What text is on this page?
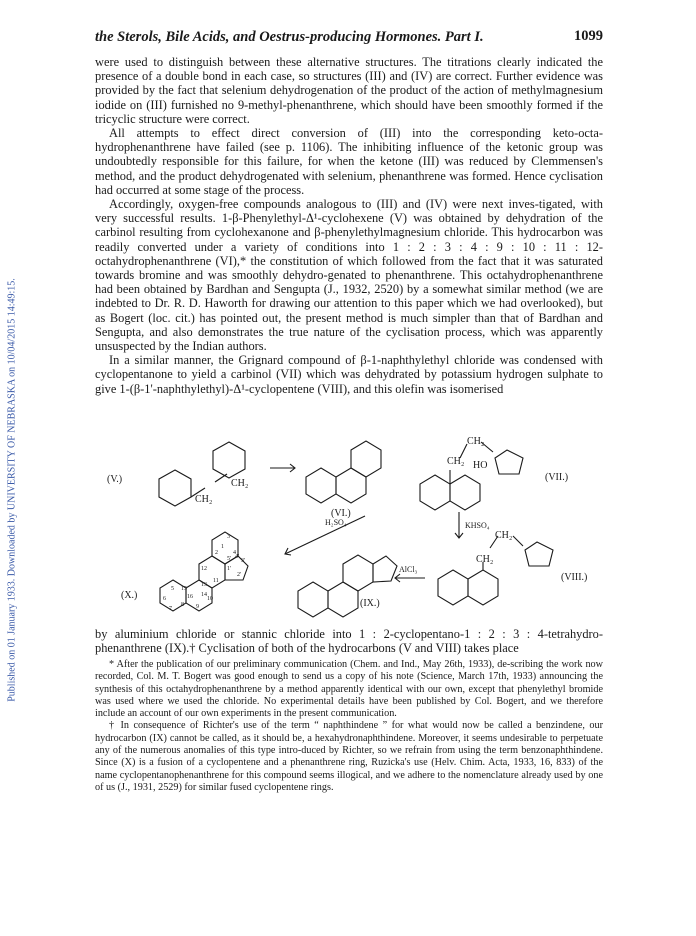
Published on 01 January 1933. Downloaded by UNIVERSITY OF NEBRASKA on 10/04/2015 14:49:15.
the Sterols, Bile Acids, and Oestrus-producing Hormones. Part I.	1099

were used to distinguish between these alternative structures. The titrations clearly indicated the presence of a double bond in each case, so structures (III) and (IV) are correct. Further evidence was provided by the fact that selenium dehydrogenation of the product of the action of methylmagnesium iodide on (III) furnished no 9-methyl-phenanthrene, which should have been smoothly formed if the tricyclic structure were correct.

All attempts to effect direct conversion of (III) into the corresponding keto-octa-hydrophenanthrene have failed (see p. 1106). The inhibiting influence of the ketonic group was undoubtedly responsible for this failure, for when the ketone (III) was reduced by Clemmensen's method, and the product dehydrogenated with selenium, phenanthrene was formed. Hence cyclisation had occurred at some stage of the process.

Accordingly, oxygen-free compounds analogous to (III) and (IV) were next inves-tigated, with very successful results. 1-β-Phenylethyl-Δ¹-cyclohexene (V) was obtained by dehydration of the carbinol resulting from cyclohexanone and β-phenylethylmagnesium chloride. This hydrocarbon was readily converted under a variety of conditions into 1 : 2 : 3 : 4 : 9 : 10 : 11 : 12-octahydrophenanthrene (VI),* the constitution of which followed from the fact that it was saturated towards bromine and was smoothly dehydro-genated to phenanthrene. This octahydrophenanthrene had been obtained by Bardhan and Sengupta (J., 1932, 2520) by a somewhat similar method (we are indebted to Dr. R. D. Haworth for drawing our attention to this paper which we had overlooked), but as Bogert (loc. cit.) has pointed out, the present method is much simpler than that of Bardhan and Sengupta, and also demonstrates the true nature of the cyclisation process, which was apparently unsuspected by the Indian authors.

In a similar manner, the Grignard compound of β-1-naphthylethyl chloride was condensed with cyclopentanone to yield a carbinol (VII) which was dehydrated by potassium hydrogen sulphate to give 1-(β-1'-naphthylethyl)-Δ¹-cyclopentene (VIII), and this olefin was isomerised

(V.)
(VI.)
(VII.)
(VIII.)
(IX.)
(X.)
CH₂
CH₂
CH₂
CH₂ HO
CH₂
CH₂
H₂SO₄	KHSO₄
AlCl₃
1
2
3
4
5
6
7
8 9
10
11
12
13
14
15
16
1'
2'
3'
4'
5'

by aluminium chloride or stannic chloride into 1 : 2-cyclopentano-1 : 2 : 3 : 4-tetrahydro-phenanthrene (IX).† Cyclisation of both of the hydrocarbons (V and VIII) takes place

* After the publication of our preliminary communication (Chem. and Ind., May 26th, 1933), de-scribing the work now recorded, Col. M. T. Bogert was good enough to send us a copy of his note (Science, March 17th, 1933) announcing the synthesis of this octahydrophenanthrene by a method apparently identical with our own, except that phenylethyl bromide was used where we used the chloride. No experimental details have been published by Col. Bogert, and we therefore include an account of our own experiments in the present communication.

† In consequence of Richter's use of the term “ naphthindene ” for what would now be called a benzindene, our hydrocarbon (IX) cannot be called, as it should be, a hexahydronaphthindene. Moreover, it seems undesirable to perpetuate any of the numerous anomalies of this type intro-duced by Richter, so we refrain from using the term benzonaphthindene. Since (X) is a fusion of a cyclopentene and a phenanthrene ring, Ruzicka's use (Helv. Chim. Acta, 1933, 16, 833) of the name cyclopentanophenanthrene for this compound seems illogical, and we adhere to the nomenclature already used by one of us (J., 1931, 2529) for similar fused cyclopentene rings.
